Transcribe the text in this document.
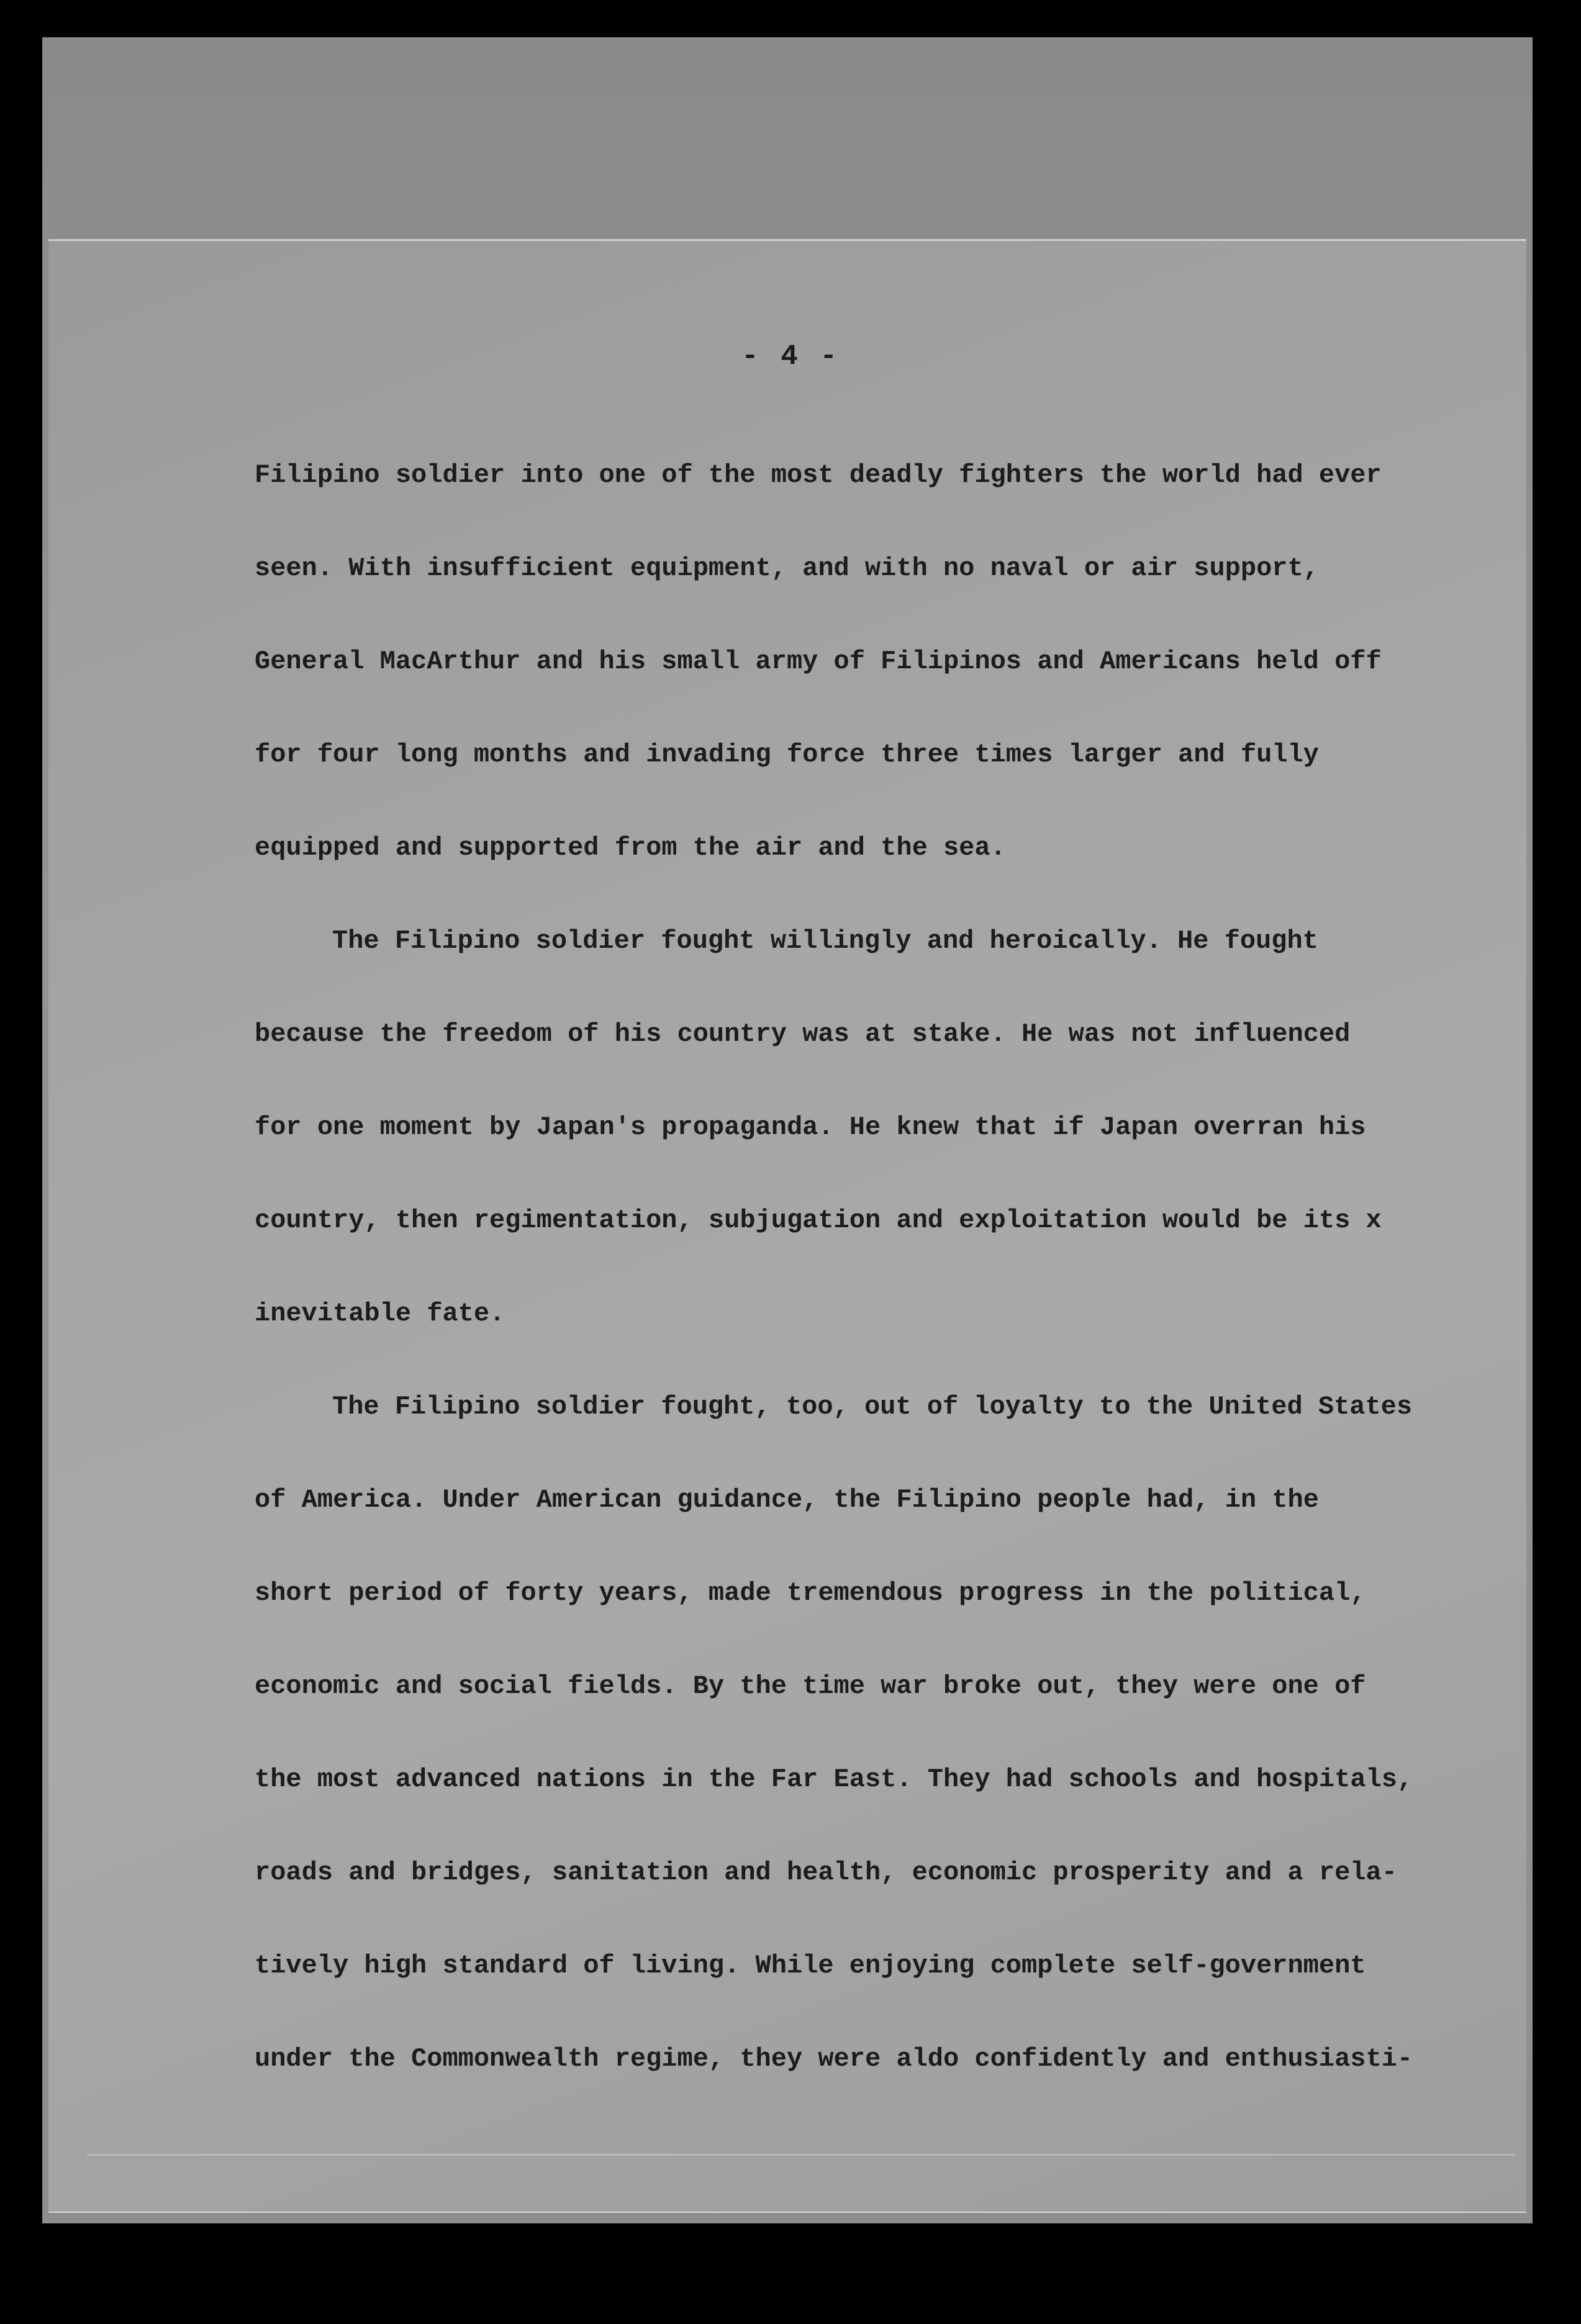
- 4 -
Filipino soldier into one of the most deadly fighters the world had ever
seen. With insufficient equipment, and with no naval or air support,
General MacArthur and his small army of Filipinos and Americans held off
for four long months and invading force three times larger and fully
equipped and supported from the air and the sea.
The Filipino soldier fought willingly and heroically. He fought
because the freedom of his country was at stake. He was not influenced
for one moment by Japan's propaganda. He knew that if Japan overran his
country, then regimentation, subjugation and exploitation would be its x
inevitable fate.
The Filipino soldier fought, too, out of loyalty to the United States
of America. Under American guidance, the Filipino people had, in the
short period of forty years, made tremendous progress in the political,
economic and social fields. By the time war broke out, they were one of
the most advanced nations in the Far East. They had schools and hospitals,
roads and bridges, sanitation and health, economic prosperity and a rela-
tively high standard of living. While enjoying complete self-government
under the Commonwealth regime, they were aldo confidently and enthusiasti-
